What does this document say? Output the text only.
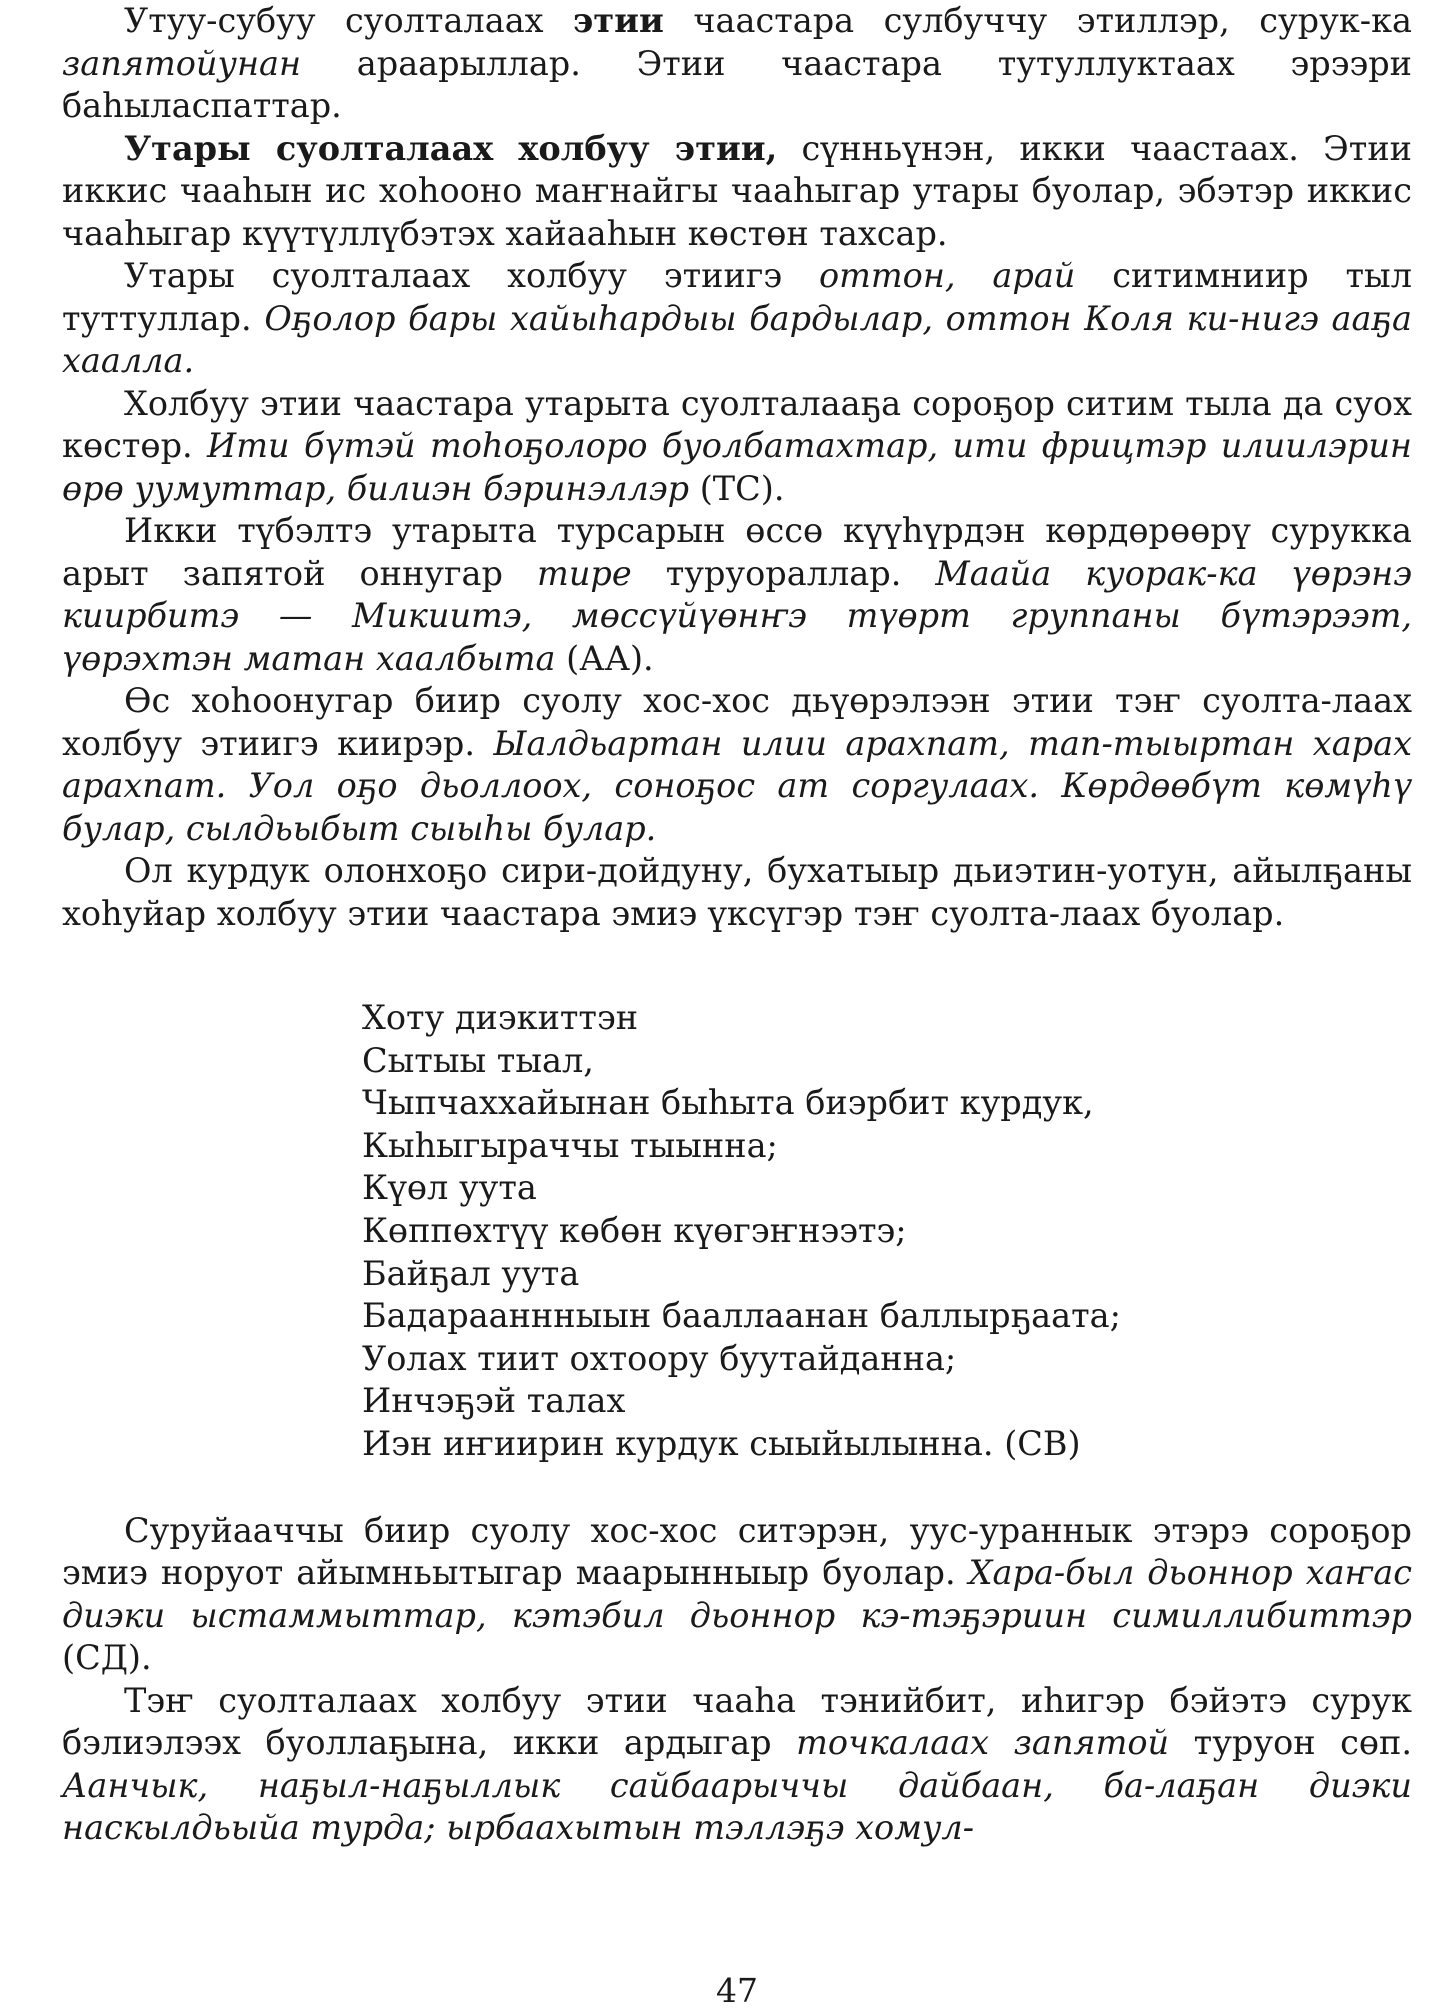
Утуу-субуу суолталаах этии чаастара сулбуччу этиллэр, сурук-ка запятойунан араарыллар. Этии чаастара тутуллуктаах эрээри баһыласпаттар.

Утары суолталаах холбуу этии, сүнньүнэн, икки чаастаах. Этии иккис чааһын ис хоһооно маҥнайгы чааһыгар утары буолар, эбэтэр иккис чааһыгар күүтүллүбэтэх хайааһын көстөн тахсар.

Утары суолталаах холбуу этиигэ оттон, арай ситимниир тыл туттуллар. Оҕолор бары хайыһардыы бардылар, оттон Коля ки-нигэ ааҕа хаалла.

Холбуу этии чаастара утарыта суолталааҕа сороҕор ситим тыла да суох көстөр. Ити бүтэй тоһоҕолоро буолбатахтар, ити фрицтэр илиилэрин өрө уумуттар, билиэн бэринэллэр (ТС).

Икки түбэлтэ утарыта турсарын өссө күүһүрдэн көрдөрөөрү сурукка арыт запятой оннугар тире туруораллар. Маайа куорак-ка үөрэнэ киирбитэ — Микиитэ, мөссүйүөнҥэ түөрт группаны бүтэрээт, үөрэхтэн матан хаалбыта (АА).

Өс хоһоонугар биир суолу хос-хос дьүөрэлээн этии тэҥ суолта-лаах холбуу этиигэ киирэр. Ыалдьартан илии арахпат, тап-тыыртан харах арахпат. Уол оҕо дьоллоох, соноҕос ат соргулаах. Көрдөөбүт көмүһү булар, сылдьыбыт сыыһы булар.

Ол курдук олонхоҕо сири-дойдуну, бухатыыр дьиэтин-уотун, айылҕаны хоһуйар холбуу этии чаастара эмиэ үксүгэр тэҥ суолта-лаах буолар.

Хоту диэкиттэн
Сытыы тыал,
Чыпчаххайынан быһыта биэрбит курдук,
Кыһыгыраччы тыынна;
Күөл уута
Көппөхтүү көбөн күөгэҥнээтэ;
Байҕал уута
Бадарааннныын бааллаанан баллырҕаата;
Уолах тиит охтоору буутайданна;
Инчэҕэй талах
Иэн иҥиирин курдук сыыйылынна. (СВ)

Суруйааччы биир суолу хос-хос ситэрэн, уус-ураннык этэрэ сороҕор эмиэ норуот айымньытыгар маарынныыр буолар. Хара-был дьоннор хаҥас диэки ыстаммыттар, кэтэбил дьоннор кэ-тэҕэриин симиллибиттэр (СД).

Тэҥ суолталаах холбуу этии чааһа тэнийбит, иһигэр бэйэтэ сурук бэлиэлээх буоллаҕына, икки ардыгар точкалаах запятой туруон сөп. Аанчык, наҕыл-наҕыллык сайбаарыччы дайбаан, ба-лаҕан диэки наскылдьыйа турда; ырбаахытын тэллэҕэ хомул-

47
